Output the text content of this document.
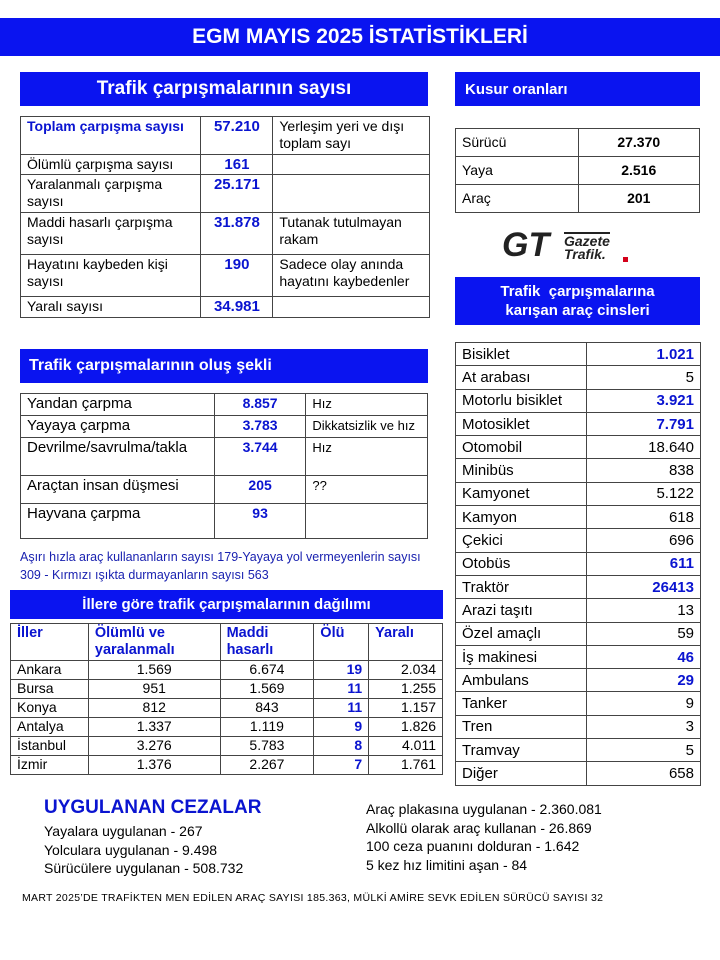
EGM MAYIS 2025 İSTATİSTİKLERİ
Trafik çarpışmalarının sayısı
Toplam çarpışma sayısı	57.210	Yerleşim yeri ve dışı toplam sayı
Ölümlü çarpışma sayısı	161	
Yaralanmalı çarpışma sayısı	25.171	
Maddi hasarlı çarpışma sayısı	31.878	Tutanak tutulmayan rakam
Hayatını kaybeden kişi sayısı	190	Sadece olay anında hayatını kaybedenler
Yaralı sayısı	34.981	
Kusur oranları
Sürücü	27.370
Yaya	2.516
Araç	201
GT Gazete
Trafik.
Trafik  çarpışmalarına
karışan araç cinsleri
Bisiklet	1.021
At arabası	5
Motorlu bisiklet	3.921
Motosiklet	7.791
Otomobil	18.640
Minibüs	838
Kamyonet	5.122
Kamyon	618
Çekici	696
Otobüs	611
Traktör	26413
Arazi taşıtı	13
Özel amaçlı	59
İş makinesi	46
Ambulans	29
Tanker	9
Tren	3
Tramvay	5
Diğer	658
Trafik çarpışmalarının oluş şekli
Yandan çarpma	8.857	Hız
Yayaya çarpma	3.783	Dikkatsizlik ve hız
Devrilme/savrulma/takla	3.744	Hız
Araçtan insan düşmesi	205	??
Hayvana çarpma	93	
Aşırı hızla araç kullananların sayısı 179-Yayaya yol vermeyenlerin sayısı 309 - Kırmızı ışıkta durmayanların sayısı 563
İllere göre trafik çarpışmalarının dağılımı
İller	Ölümlü ve yaralanmalı	Maddi hasarlı	Ölü	Yaralı
Ankara	1.569	6.674	19	2.034
Bursa	951	1.569	11	1.255
Konya	812	843	11	1.157
Antalya	1.337	1.119	9	1.826
İstanbul	3.276	5.783	8	4.011
İzmir	1.376	2.267	7	1.761
UYGULANAN CEZALAR
Yayalara uygulanan - 267
Yolculara uygulanan - 9.498
Sürücülere uygulanan - 508.732
Araç plakasına uygulanan - 2.360.081
Alkollü olarak araç kullanan - 26.869
100 ceza puanını dolduran - 1.642
5 kez hız limitini aşan - 84
MART 2025’DE TRAFİKTEN MEN EDİLEN ARAÇ SAYISI 185.363, MÜLKİ AMİRE SEVK EDİLEN SÜRÜCÜ SAYISI 32
